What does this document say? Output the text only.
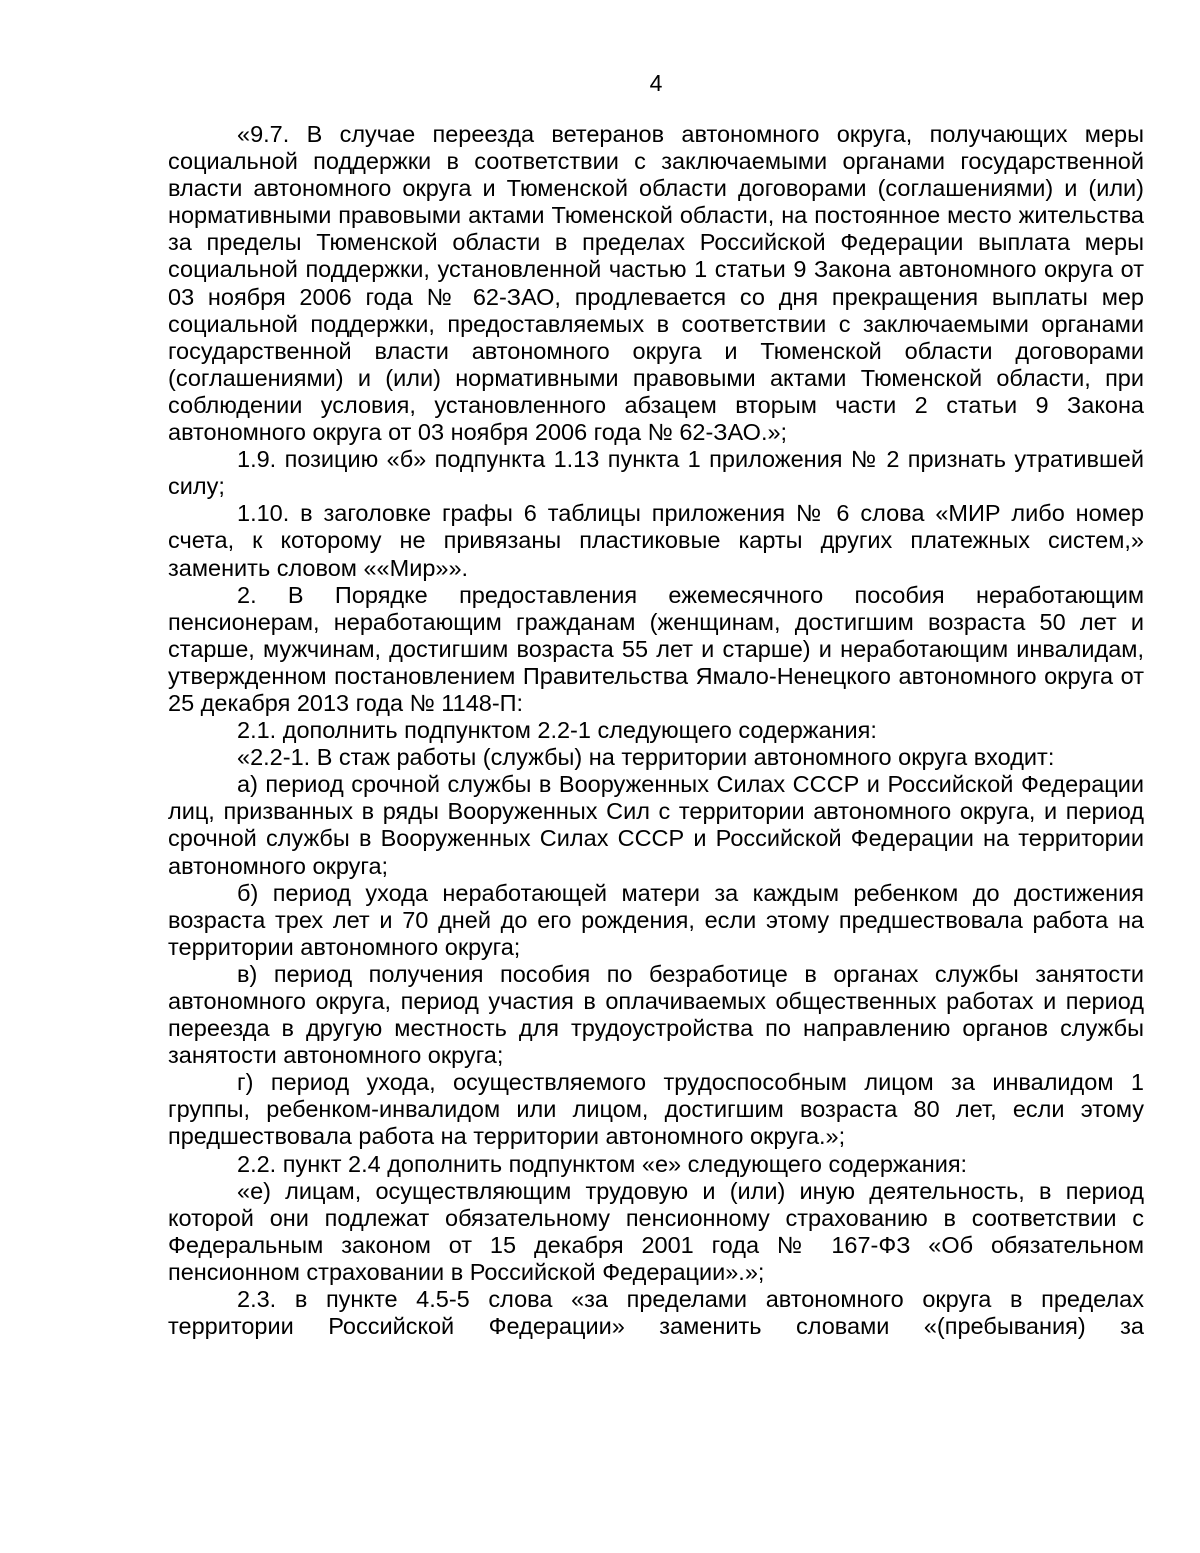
4

«9.7. В случае переезда ветеранов автономного округа, получающих меры социальной поддержки в соответствии с заключаемыми органами государственной власти автономного округа и Тюменской области договорами (соглашениями) и (или) нормативными правовыми актами Тюменской области, на постоянное место жительства за пределы Тюменской области в пределах Российской Федерации выплата меры социальной поддержки, установленной частью 1 статьи 9 Закона автономного округа от 03 ноября 2006 года № 62-ЗАО, продлевается со дня прекращения выплаты мер социальной поддержки, предоставляемых в соответствии с заключаемыми органами государственной власти автономного округа и Тюменской области договорами (соглашениями) и (или) нормативными правовыми актами Тюменской области, при соблюдении условия, установленного абзацем вторым части 2 статьи 9 Закона автономного округа от 03 ноября 2006 года № 62-ЗАО.»;

1.9. позицию «б» подпункта 1.13 пункта 1 приложения № 2 признать утратившей силу;

1.10. в заголовке графы 6 таблицы приложения № 6 слова «МИР либо номер счета, к которому не привязаны пластиковые карты других платежных систем,» заменить словом ««Мир»».

2. В Порядке предоставления ежемесячного пособия неработающим пенсионерам, неработающим гражданам (женщинам, достигшим возраста 50 лет и старше, мужчинам, достигшим возраста 55 лет и старше) и неработающим инвалидам, утвержденном постановлением Правительства Ямало-Ненецкого автономного округа от 25 декабря 2013 года № 1148-П:

2.1. дополнить подпунктом 2.2-1 следующего содержания:

«2.2-1. В стаж работы (службы) на территории автономного округа входит:

а) период срочной службы в Вооруженных Силах СССР и Российской Федерации лиц, призванных в ряды Вооруженных Сил с территории автономного округа, и период срочной службы в Вооруженных Силах СССР и Российской Федерации на территории автономного округа;

б) период ухода неработающей матери за каждым ребенком до достижения возраста трех лет и 70 дней до его рождения, если этому предшествовала работа на территории автономного округа;

в) период получения пособия по безработице в органах службы занятости автономного округа, период участия в оплачиваемых общественных работах и период переезда в другую местность для трудоустройства по направлению органов службы занятости автономного округа;

г) период ухода, осуществляемого трудоспособным лицом за инвалидом 1 группы, ребенком-инвалидом или лицом, достигшим возраста 80 лет, если этому предшествовала работа на территории автономного округа.»;

2.2. пункт 2.4 дополнить подпунктом «е» следующего содержания:

«е) лицам, осуществляющим трудовую и (или) иную деятельность, в период которой они подлежат обязательному пенсионному страхованию в соответствии с Федеральным законом от 15 декабря 2001 года № 167-ФЗ «Об обязательном пенсионном страховании в Российской Федерации».»;

2.3. в пункте 4.5-5 слова «за пределами автономного округа в пределах территории Российской Федерации» заменить словами «(пребывания) за
